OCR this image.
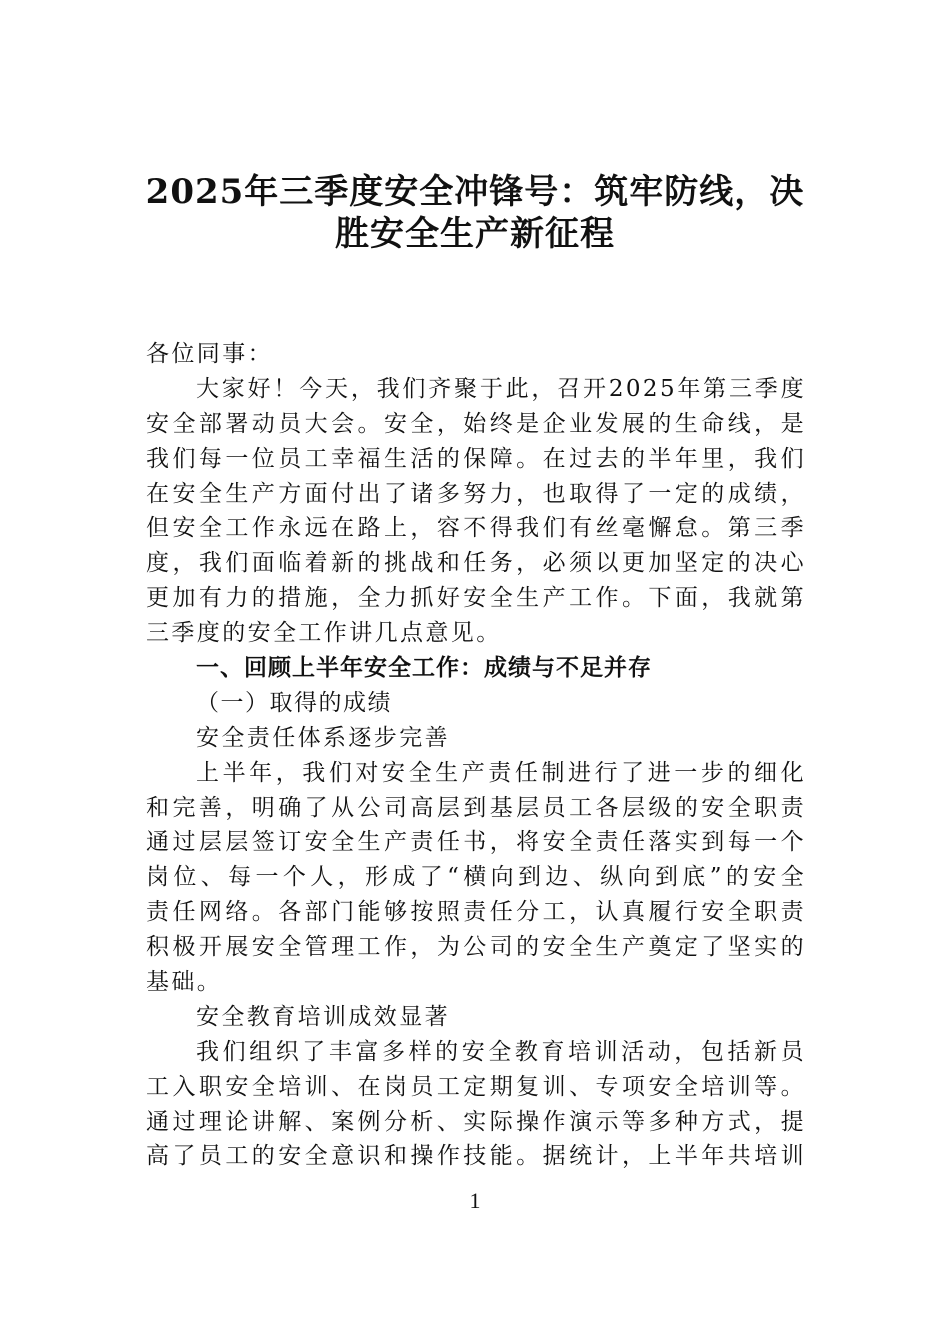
2025年三季度安全冲锋号：筑牢防线，决
胜安全生产新征程
各位同事：
大家好！今天，我们齐聚于此，召开2025年第三季度
安全部署动员大会。安全，始终是企业发展的生命线，是
我们每一位员工幸福生活的保障。在过去的半年里，我们
在安全生产方面付出了诸多努力，也取得了一定的成绩，
但安全工作永远在路上，容不得我们有丝毫懈怠。第三季
度，我们面临着新的挑战和任务，必须以更加坚定的决心
更加有力的措施，全力抓好安全生产工作。下面，我就第
三季度的安全工作讲几点意见。
一、回顾上半年安全工作：成绩与不足并存
（一）取得的成绩
安全责任体系逐步完善
上半年，我们对安全生产责任制进行了进一步的细化
和完善，明确了从公司高层到基层员工各层级的安全职责
通过层层签订安全生产责任书，将安全责任落实到每一个
岗位、每一个人，形成了“横向到边、纵向到底”的安全
责任网络。各部门能够按照责任分工，认真履行安全职责
积极开展安全管理工作，为公司的安全生产奠定了坚实的
基础。
安全教育培训成效显著
我们组织了丰富多样的安全教育培训活动，包括新员
工入职安全培训、在岗员工定期复训、专项安全培训等。
通过理论讲解、案例分析、实际操作演示等多种方式，提
高了员工的安全意识和操作技能。据统计，上半年共培训
1
